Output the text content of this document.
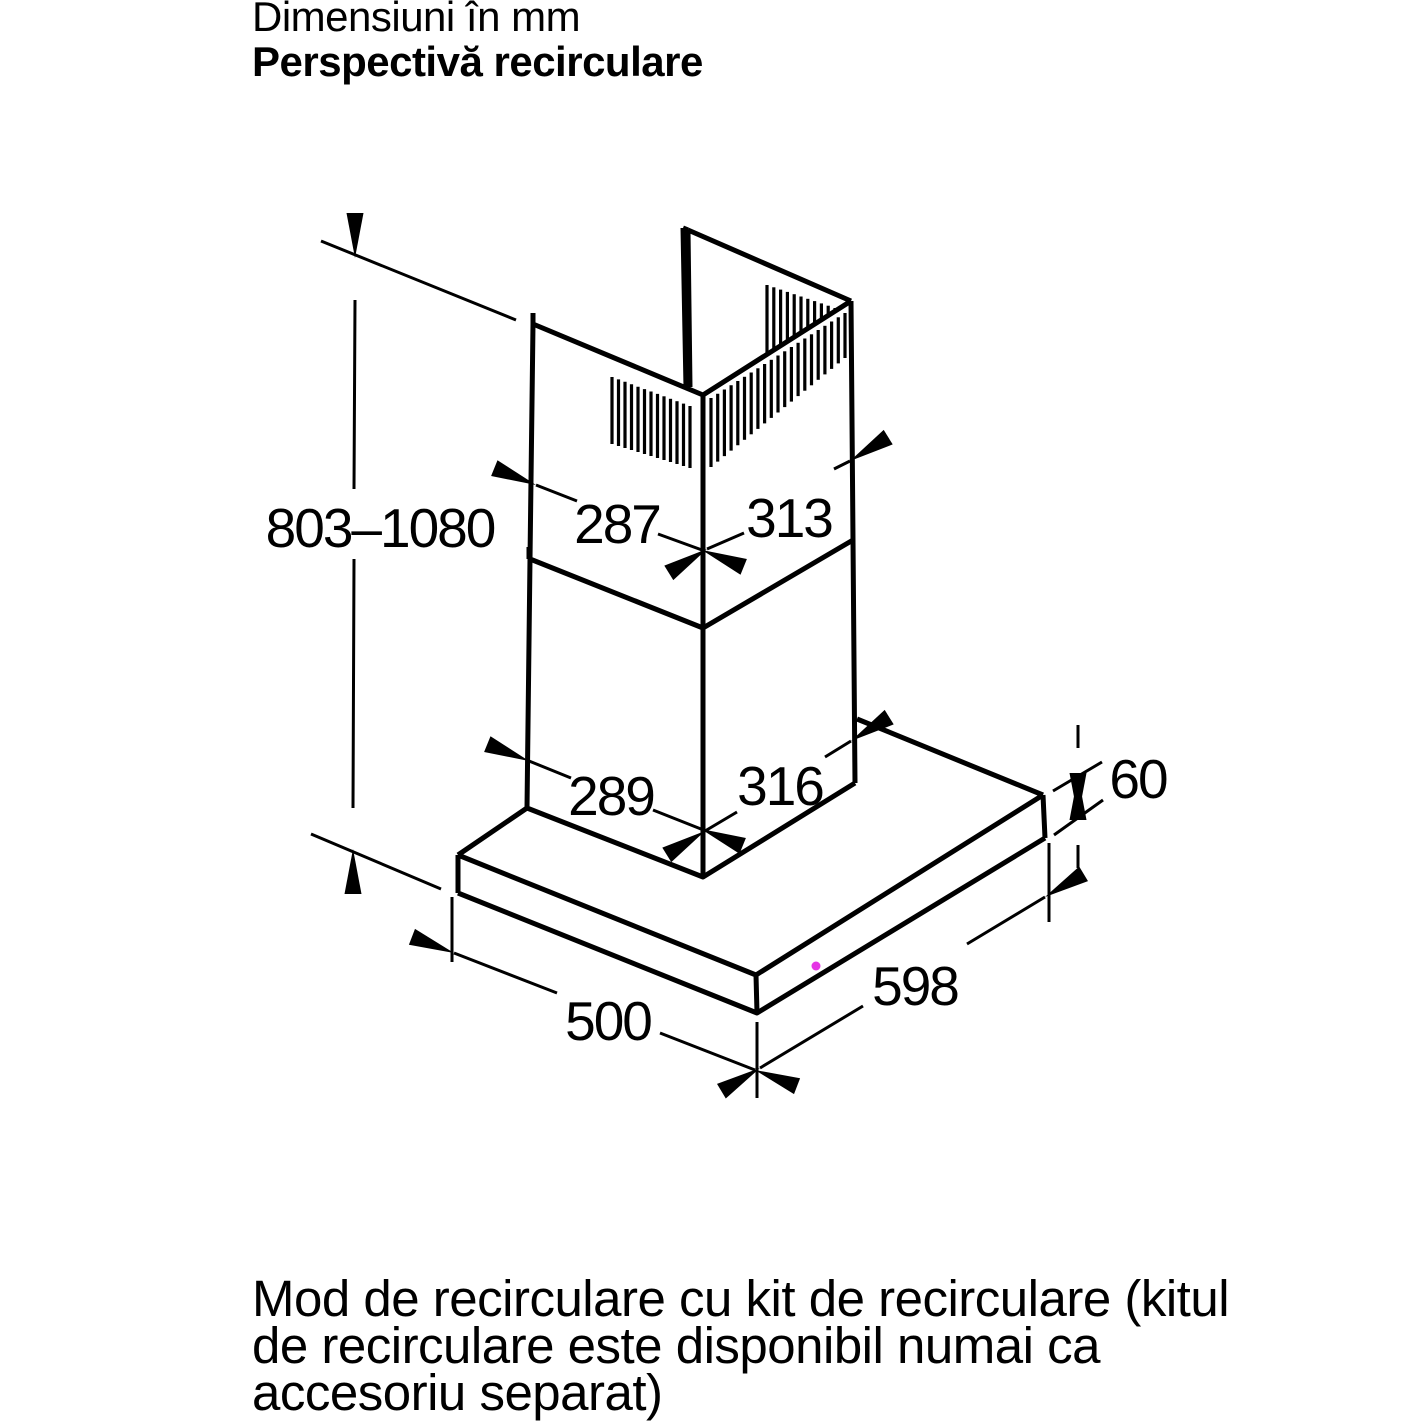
Dimensiuni în mm
Perspectivă recirculare
803–1080 287 313
289 316	60
500
598
Mod de recirculare cu kit de recirculare (kitul
de recirculare este disponibil numai ca
accesoriu separat)
